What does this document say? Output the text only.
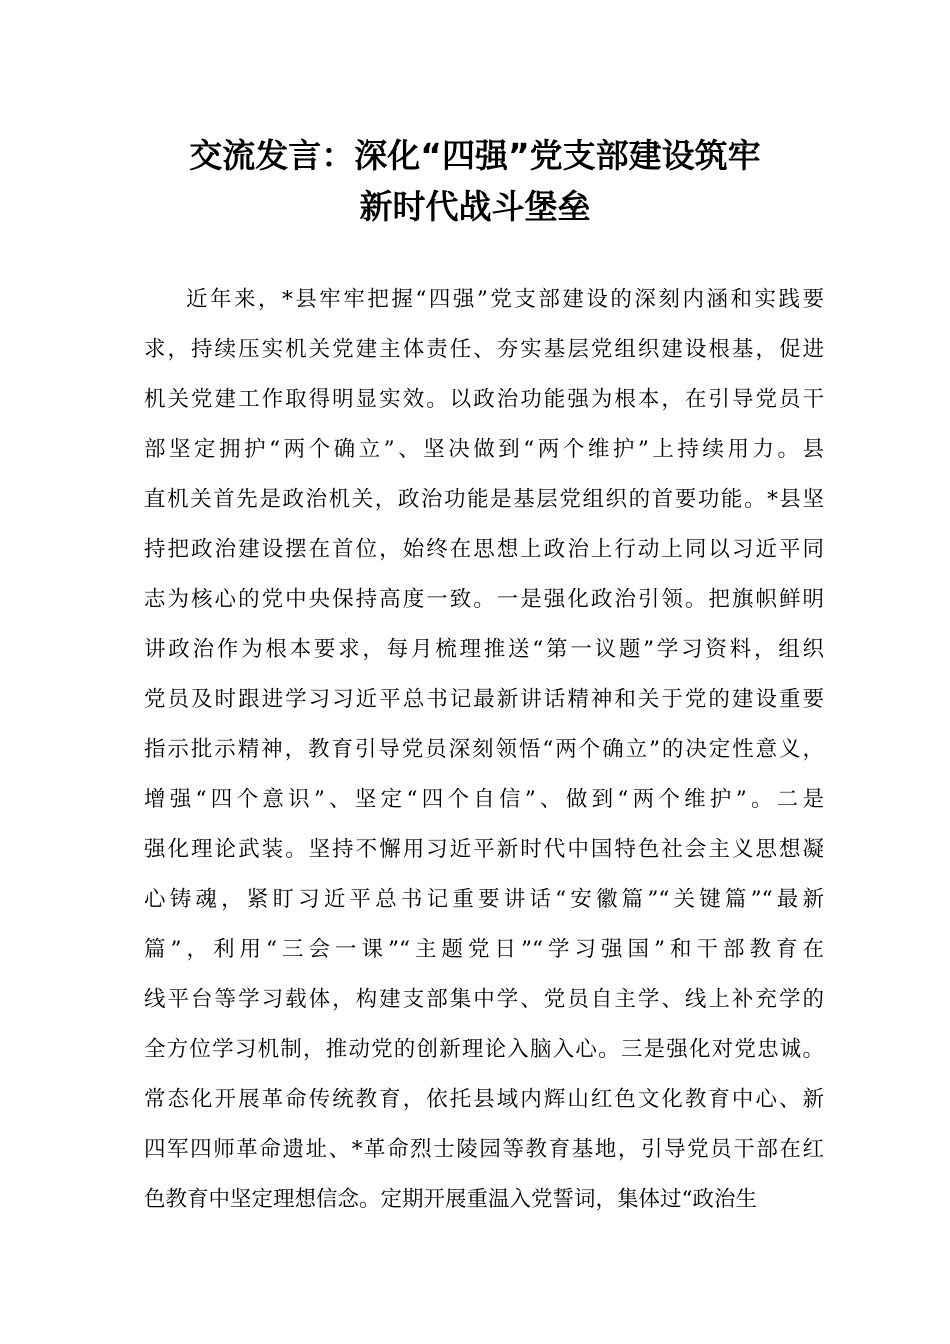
交流发言：深化“四强”党支部建设筑牢
新时代战斗堡垒
近年来，*县牢牢把握“四强”党支部建设的深刻内涵和实践要
求，持续压实机关党建主体责任、夯实基层党组织建设根基，促进
机关党建工作取得明显实效。以政治功能强为根本，在引导党员干
部坚定拥护“两个确立”、坚决做到“两个维护”上持续用力。县
直机关首先是政治机关，政治功能是基层党组织的首要功能。*县坚
持把政治建设摆在首位，始终在思想上政治上行动上同以习近平同
志为核心的党中央保持高度一致。一是强化政治引领。把旗帜鲜明
讲政治作为根本要求，每月梳理推送“第一议题”学习资料，组织
党员及时跟进学习习近平总书记最新讲话精神和关于党的建设重要
指示批示精神，教育引导党员深刻领悟“两个确立”的决定性意义，
增强“四个意识”、坚定“四个自信”、做到“两个维护”。二是
强化理论武装。坚持不懈用习近平新时代中国特色社会主义思想凝
心铸魂，紧盯习近平总书记重要讲话“安徽篇”“关键篇”“最新
篇”，利用“三会一课”“主题党日”“学习强国”和干部教育在
线平台等学习载体，构建支部集中学、党员自主学、线上补充学的
全方位学习机制，推动党的创新理论入脑入心。三是强化对党忠诚。
常态化开展革命传统教育，依托县域内辉山红色文化教育中心、新
四军四师革命遗址、*革命烈士陵园等教育基地，引导党员干部在红
色教育中坚定理想信念。定期开展重温入党誓词，集体过“政治生
